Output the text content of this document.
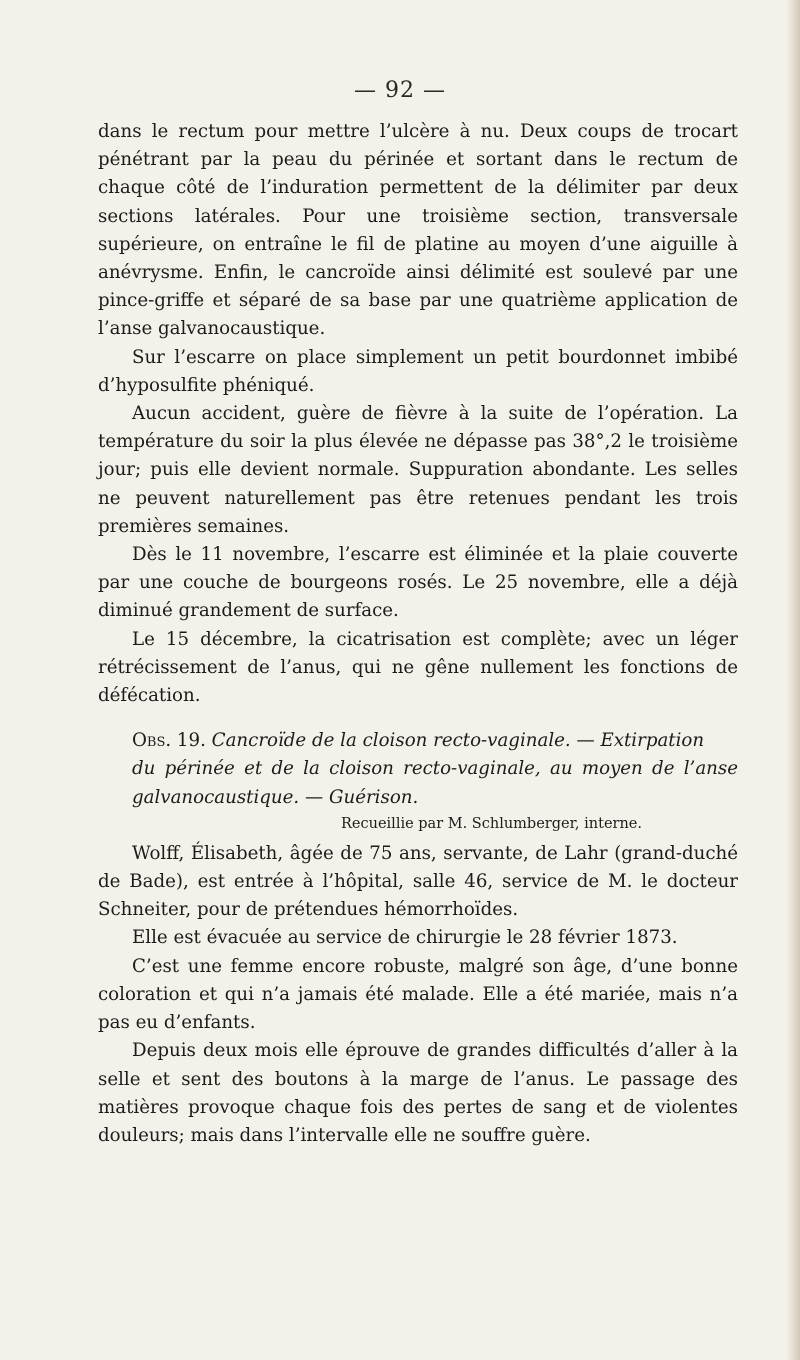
— 92 —

dans le rectum pour mettre l’ulcère à nu. Deux coups de trocart pénétrant par la peau du périnée et sortant dans le rectum de chaque côté de l’induration permettent de la délimiter par deux sections latérales. Pour une troisième section, transversale supérieure, on entraîne le fil de platine au moyen d’une aiguille à anévrysme. Enfin, le cancroïde ainsi délimité est soulevé par une pince-griffe et séparé de sa base par une quatrième application de l’anse galvanocaustique.

Sur l’escarre on place simplement un petit bourdonnet imbibé d’hyposulfite phéniqué.

Aucun accident, guère de fièvre à la suite de l’opération. La température du soir la plus élevée ne dépasse pas 38°,2 le troisième jour; puis elle devient normale. Suppuration abondante. Les selles ne peuvent naturellement pas être retenues pendant les trois premières semaines.

Dès le 11 novembre, l’escarre est éliminée et la plaie couverte par une couche de bourgeons rosés. Le 25 novembre, elle a déjà diminué grandement de surface.

Le 15 décembre, la cicatrisation est complète; avec un léger rétrécissement de l’anus, qui ne gêne nullement les fonctions de défécation.

Obs. 19. Cancroïde de la cloison recto-vaginale. — Extirpation

du périnée et de la cloison recto-vaginale, au moyen de l’anse galvanocaustique. — Guérison.

Recueillie par M. Schlumberger, interne.

Wolff, Élisabeth, âgée de 75 ans, servante, de Lahr (grand-duché de Bade), est entrée à l’hôpital, salle 46, service de M. le docteur Schneiter, pour de prétendues hémorrhoïdes.

Elle est évacuée au service de chirurgie le 28 février 1873.

C’est une femme encore robuste, malgré son âge, d’une bonne coloration et qui n’a jamais été malade. Elle a été mariée, mais n’a pas eu d’enfants.

Depuis deux mois elle éprouve de grandes difficultés d’aller à la selle et sent des boutons à la marge de l’anus. Le passage des matières provoque chaque fois des pertes de sang et de violentes douleurs; mais dans l’intervalle elle ne souffre guère.
